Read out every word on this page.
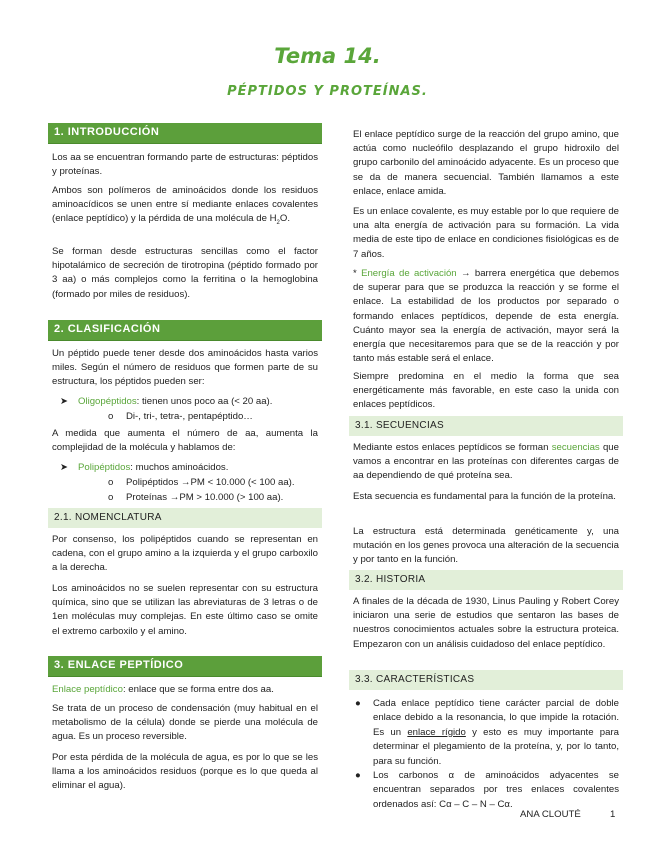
Tema 14.
PÉPTIDOS Y PROTEÍNAS.
1. INTRODUCCIÓN

Los aa se encuentran formando parte de estructuras: péptidos y proteínas.

Ambos son polímeros de aminoácidos donde los residuos aminoacídicos se unen entre sí mediante enlaces covalentes (enlace peptídico) y la pérdida de una molécula de $H_2O$.

Se forman desde estructuras sencillas como el factor hipotalámico de secreción de tirotropina (péptido formado por 3 aa) o más complejos como la ferritina o la hemoglobina (formado por miles de residuos).

2. CLASIFICACIÓN

Un péptido puede tener desde dos aminoácidos hasta varios miles. Según el número de residuos que formen parte de su estructura, los péptidos pueden ser:

➤ Oligopéptidos: tienen unos poco aa (< 20 aa).
o Di-, tri-, tetra-, pentapéptido…

A medida que aumenta el número de aa, aumenta la complejidad de la molécula y hablamos de:

➤ Polipéptidos: muchos aminoácidos.
o Polipéptidos →PM < 10.000 (< 100 aa).
o Proteínas →PM > 10.000 (> 100 aa).
2.1. NOMENCLATURA

Por consenso, los polipéptidos cuando se representan en cadena, con el grupo amino a la izquierda y el grupo carboxilo a la derecha.

Los aminoácidos no se suelen representar con su estructura química, sino que se utilizan las abreviaturas de 3 letras o de 1en moléculas muy complejas. En este último caso se omite el extremo carboxilo y el amino.

3. ENLACE PEPTÍDICO

Enlace peptídico: enlace que se forma entre dos aa.

Se trata de un proceso de condensación (muy habitual en el metabolismo de la célula) donde se pierde una molécula de agua. Es un proceso reversible.

Por esta pérdida de la molécula de agua, es por lo que se les llama a los aminoácidos residuos (porque es lo que queda al eliminar el agua).

El enlace peptídico surge de la reacción del grupo amino, que actúa como nucleófilo desplazando el grupo hidroxilo del grupo carbonilo del aminoácido adyacente. Es un proceso que se da de manera secuencial. También llamamos a este enlace, enlace amida.

Es un enlace covalente, es muy estable por lo que requiere de una alta energía de activación para su formación. La vida media de este tipo de enlace en condiciones fisiológicas es de 7 años.

* Energía de activación → barrera energética que debemos de superar para que se produzca la reacción y se forme el enlace. La estabilidad de los productos por separado o formando enlaces peptídicos, depende de esta energía. Cuánto mayor sea la energía de activación, mayor será la energía que necesitaremos para que se de la reacción y por tanto más estable será el enlace.

Siempre predomina en el medio la forma que sea energéticamente más favorable, en este caso la unida con enlaces peptídicos.

3.1. SECUENCIAS

Mediante estos enlaces peptídicos se forman secuencias que vamos a encontrar en las proteínas con diferentes cargas de aa dependiendo de qué proteína sea.

Esta secuencia es fundamental para la función de la proteína.

La estructura está determinada genéticamente y, una mutación en los genes provoca una alteración de la secuencia y por tanto en la función.

3.2. HISTORIA

A finales de la década de 1930, Linus Pauling y Robert Corey iniciaron una serie de estudios que sentaron las bases de nuestros conocimientos actuales sobre la estructura proteica. Empezaron con un análisis cuidadoso del enlace peptídico.

3.3. CARACTERÍSTICAS
● Cada enlace peptídico tiene carácter parcial de doble enlace debido a la resonancia, lo que impide la rotación. Es un enlace rígido y esto es muy importante para determinar el plegamiento de la proteína, y, por lo tanto, para su función.
● Los carbonos α de aminoácidos adyacentes se encuentran separados por tres enlaces covalentes ordenados así: Cα – C – N – Cα.
ANA CLOUTÉ	1
